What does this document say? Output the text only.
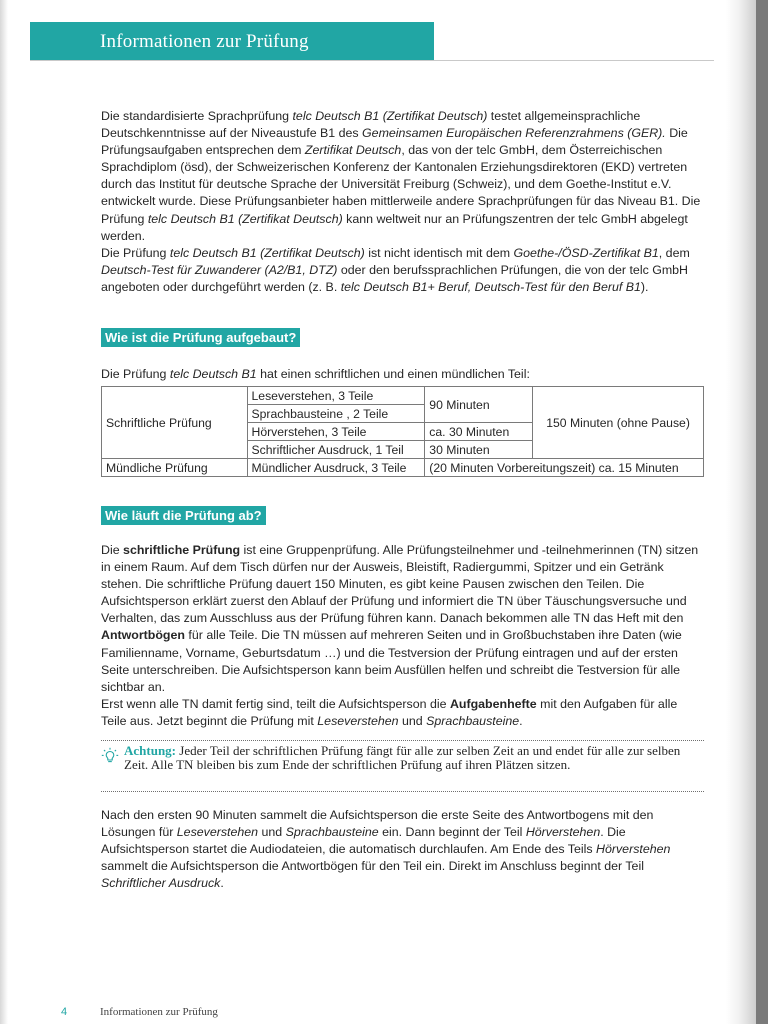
Informationen zur Prüfung

Die standardisierte Sprachprüfung telc Deutsch B1 (Zertifikat Deutsch) testet allgemeinsprachliche Deutschkenntnisse auf der Niveaustufe B1 des Gemeinsamen Europäischen Referenzrahmens (GER). Die Prüfungsaufgaben entsprechen dem Zertifikat Deutsch, das von der telc GmbH, dem Österreichischen Sprachdiplom (ösd), der Schweizerischen Konferenz der Kantonalen Erziehungsdirektoren (EKD) vertreten durch das Institut für deutsche Sprache der Universität Freiburg (Schweiz), und dem Goethe-Institut e.V. entwickelt wurde. Diese Prüfungsanbieter haben mittlerweile andere Sprachprüfungen für das Niveau B1. Die Prüfung telc Deutsch B1 (Zertifikat Deutsch) kann weltweit nur an Prüfungszentren der telc GmbH abgelegt werden.

Die Prüfung telc Deutsch B1 (Zertifikat Deutsch) ist nicht identisch mit dem Goethe-/ÖSD-Zertifikat B1, dem Deutsch-Test für Zuwanderer (A2/B1, DTZ) oder den berufssprachlichen Prüfungen, die von der telc GmbH angeboten oder durchgeführt werden (z. B. telc Deutsch B1+ Beruf, Deutsch-Test für den Beruf B1).

Wie ist die Prüfung aufgebaut?

Die Prüfung telc Deutsch B1 hat einen schriftlichen und einen mündlichen Teil:

Schriftliche Prüfung	Leseverstehen, 3 Teile	90 Minuten	150 Minuten (ohne Pause)
	Sprachbausteine , 2 Teile		
	Hörverstehen, 3 Teile	ca. 30 Minuten	
	Schriftlicher Ausdruck, 1 Teil	30 Minuten	
Mündliche Prüfung	Mündlicher Ausdruck, 3 Teile	(20 Minuten Vorbereitungszeit) ca. 15 Minuten	
Wie läuft die Prüfung ab?

Die schriftliche Prüfung ist eine Gruppenprüfung. Alle Prüfungsteilnehmer und -teilnehmerinnen (TN) sitzen in einem Raum. Auf dem Tisch dürfen nur der Ausweis, Bleistift, Radiergummi, Spitzer und ein Getränk stehen. Die schriftliche Prüfung dauert 150 Minuten, es gibt keine Pausen zwischen den Teilen. Die Aufsichtsperson erklärt zuerst den Ablauf der Prüfung und informiert die TN über Täuschungsversuche und Verhalten, das zum Ausschluss aus der Prüfung führen kann. Danach bekommen alle TN das Heft mit den Antwortbögen für alle Teile. Die TN müssen auf mehreren Seiten und in Großbuchstaben ihre Daten (wie Familienname, Vorname, Geburtsdatum …) und die Testversion der Prüfung eintragen und auf der ersten Seite unterschreiben. Die Aufsichtsperson kann beim Ausfüllen helfen und schreibt die Testversion für alle sichtbar an.

Erst wenn alle TN damit fertig sind, teilt die Aufsichtsperson die Aufgabenhefte mit den Aufgaben für alle Teile aus. Jetzt beginnt die Prüfung mit Leseverstehen und Sprachbausteine.

Achtung: Jeder Teil der schriftlichen Prüfung fängt für alle zur selben Zeit an und endet für alle zur selben Zeit. Alle TN bleiben bis zum Ende der schriftlichen Prüfung auf ihren Plätzen sitzen.

Nach den ersten 90 Minuten sammelt die Aufsichtsperson die erste Seite des Antwortbogens mit den Lösungen für Leseverstehen und Sprachbausteine ein. Dann beginnt der Teil Hörverstehen. Die Aufsichtsperson startet die Audiodateien, die automatisch durchlaufen. Am Ende des Teils Hörverstehen sammelt die Aufsichtsperson die Antwortbögen für den Teil ein. Direkt im Anschluss beginnt der Teil Schriftlicher Ausdruck.

4	Informationen zur Prüfung
